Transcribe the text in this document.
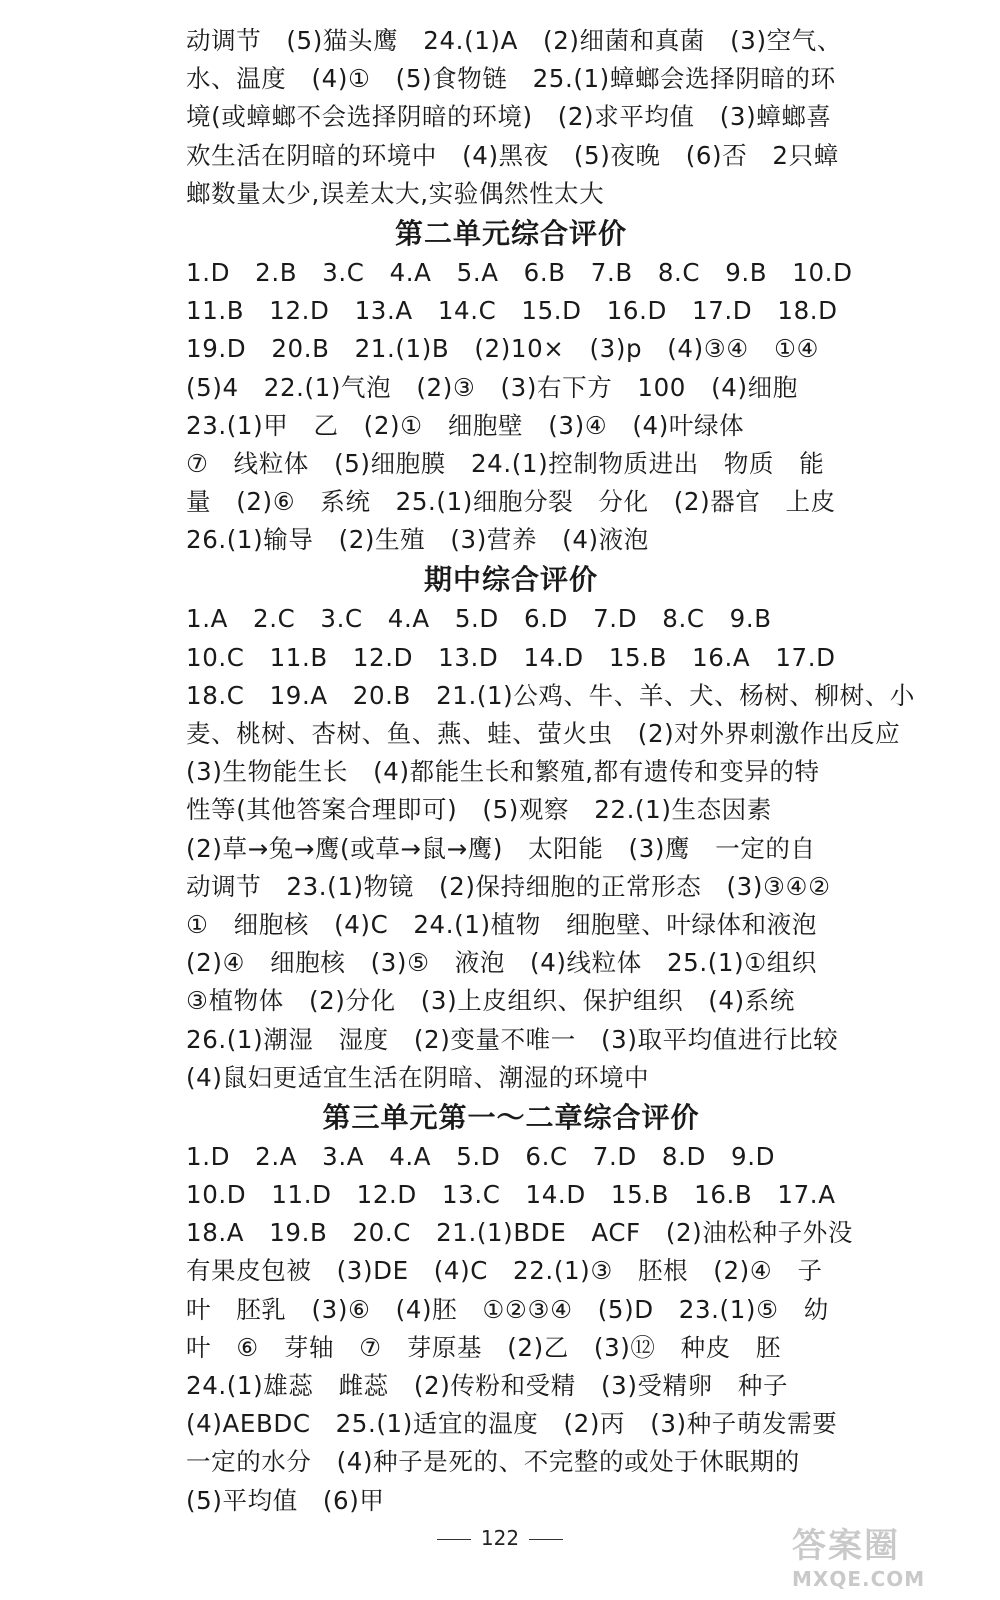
动调节　(5)猫头鹰　24.(1)A　(2)细菌和真菌　(3)空气、
水、温度　(4)①　(5)食物链　25.(1)蟑螂会选择阴暗的环
境(或蟑螂不会选择阴暗的环境)　(2)求平均值　(3)蟑螂喜
欢生活在阴暗的环境中　(4)黑夜　(5)夜晚　(6)否　2只蟑
螂数量太少,误差太大,实验偶然性太大
第二单元综合评价
1.D　2.B　3.C　4.A　5.A　6.B　7.B　8.C　9.B　10.D
11.B　12.D　13.A　14.C　15.D　16.D　17.D　18.D
19.D　20.B　21.(1)B　(2)10×　(3)p　(4)③④　①④
(5)4　22.(1)气泡　(2)③　(3)右下方　100　(4)细胞
23.(1)甲　乙　(2)①　细胞壁　(3)④　(4)叶绿体
⑦　线粒体　(5)细胞膜　24.(1)控制物质进出　物质　能
量　(2)⑥　系统　25.(1)细胞分裂　分化　(2)器官　上皮
26.(1)输导　(2)生殖　(3)营养　(4)液泡
期中综合评价
1.A　2.C　3.C　4.A　5.D　6.D　7.D　8.C　9.B
10.C　11.B　12.D　13.D　14.D　15.B　16.A　17.D
18.C　19.A　20.B　21.(1)公鸡、牛、羊、犬、杨树、柳树、小
麦、桃树、杏树、鱼、燕、蛙、萤火虫　(2)对外界刺激作出反应
(3)生物能生长　(4)都能生长和繁殖,都有遗传和变异的特
性等(其他答案合理即可)　(5)观察　22.(1)生态因素
(2)草→兔→鹰(或草→鼠→鹰)　太阳能　(3)鹰　一定的自
动调节　23.(1)物镜　(2)保持细胞的正常形态　(3)③④②
①　细胞核　(4)C　24.(1)植物　细胞壁、叶绿体和液泡
(2)④　细胞核　(3)⑤　液泡　(4)线粒体　25.(1)①组织
③植物体　(2)分化　(3)上皮组织、保护组织　(4)系统
26.(1)潮湿　湿度　(2)变量不唯一　(3)取平均值进行比较
(4)鼠妇更适宜生活在阴暗、潮湿的环境中
第三单元第一～二章综合评价
1.D　2.A　3.A　4.A　5.D　6.C　7.D　8.D　9.D
10.D　11.D　12.D　13.C　14.D　15.B　16.B　17.A
18.A　19.B　20.C　21.(1)BDE　ACF　(2)油松种子外没
有果皮包被　(3)DE　(4)C　22.(1)③　胚根　(2)④　子
叶　胚乳　(3)⑥　(4)胚　①②③④　(5)D　23.(1)⑤　幼
叶　⑥　芽轴　⑦　芽原基　(2)乙　(3)⑫　种皮　胚
24.(1)雄蕊　雌蕊　(2)传粉和受精　(3)受精卵　种子
(4)AEBDC　25.(1)适宜的温度　(2)丙　(3)种子萌发需要
一定的水分　(4)种子是死的、不完整的或处于休眠期的
(5)平均值　(6)甲
122	答案圈
MXQE.COM
